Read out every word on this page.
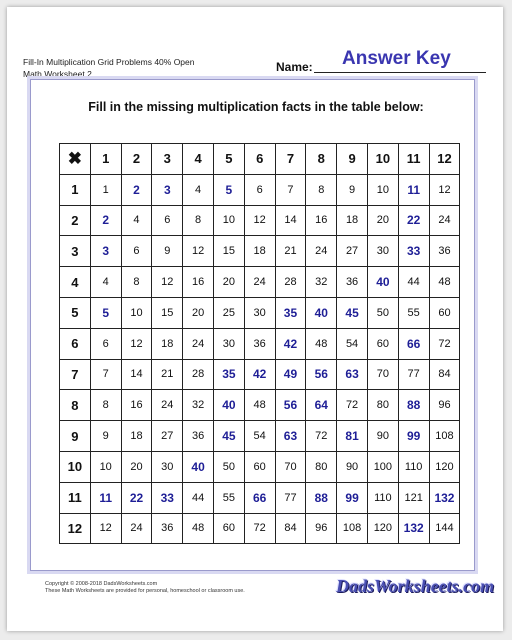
Fill-In Multiplication Grid Problems 40% Open
Math Worksheet 2	Name: Answer Key
Fill in the missing multiplication facts in the table below:
✖	1	2	3	4	5	6	7	8	9	10	11	12
1	1	2	3	4	5	6	7	8	9	10	11	12
2	2	4	6	8	10	12	14	16	18	20	22	24
3	3	6	9	12	15	18	21	24	27	30	33	36
4	4	8	12	16	20	24	28	32	36	40	44	48
5	5	10	15	20	25	30	35	40	45	50	55	60
6	6	12	18	24	30	36	42	48	54	60	66	72
7	7	14	21	28	35	42	49	56	63	70	77	84
8	8	16	24	32	40	48	56	64	72	80	88	96
9	9	18	27	36	45	54	63	72	81	90	99	108
10	10	20	30	40	50	60	70	80	90	100	110	120
11	11	22	33	44	55	66	77	88	99	110	121	132
12	12	24	36	48	60	72	84	96	108	120	132	144
Copyright © 2008-2018 DadsWorksheets.com
These Math Worksheets are provided for personal, homeschool or classroom use.	DadsWorksheets.com
